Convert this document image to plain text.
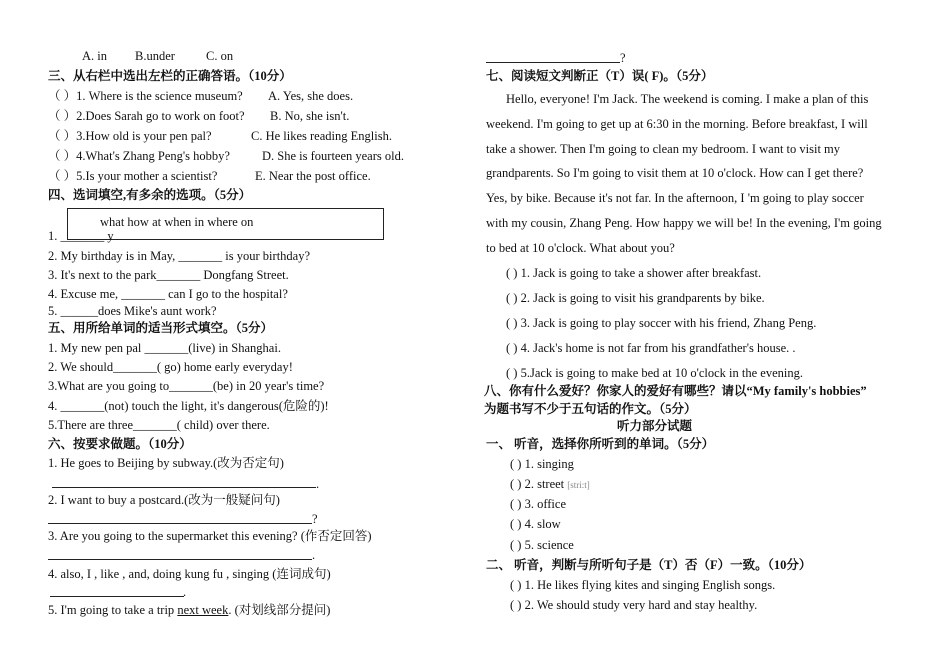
A. in B.under C. on
三、从右栏中选出左栏的正确答语。（10分）
（ ）1. Where is the science museum? A. Yes, she does.
（ ）2.Does Sarah go to work on foot? B. No, she isn't.
（ ）3.How old is your pen pal?	C. He likes reading English.
（ ）4.What's Zhang Peng's hobby?	D. She is fourteen years old.
（ ）5.Is your mother a scientist?	E. Near the post office.
四、选词填空,有多余的选项。（5分）
what how at when in where on
1. _______ y
2. My birthday is in May, _______ is your birthday?
3. It's next to the park_______ Dongfang Street.
4. Excuse me, _______ can I go to the hospital?
5. ______does Mike's aunt work?
五、用所给单词的适当形式填空。（5分）
1. My new pen pal _______(live) in Shanghai.
2. We should_______( go) home early everyday!
3.What are you going to_______(be) in 20 year's time?
4. _______(not) touch the light, it's dangerous(危险的)!
5.There are three_______( child) over there.
六、按要求做题。（10分）
1. He goes to Beijing by subway.(改为否定句)
.
2. I want to buy a postcard.(改为一般疑问句)
?
3. Are you going to the supermarket this evening? (作否定回答)
.
4. also, I , like , and, doing kung fu , singing (连词成句)
.
5. I'm going to take a trip next week. (对划线部分提问)
?
七、阅读短文判断正（T）误( F)。（5分）
Hello, everyone! I'm Jack. The weekend is coming. I make a plan of this
weekend. I'm going to get up at 6:30 in the morning. Before breakfast, I will
take a shower. Then I'm going to clean my bedroom. I want to visit my
grandparents. So I'm going to visit them at 10 o'clock. How can I get there?
Yes, by bike. Because it's not far. In the afternoon, I 'm going to play soccer
with my cousin, Zhang Peng. How happy we will be! In the evening, I'm going
to bed at 10 o'clock. What about you?
( ) 1. Jack is going to take a shower after breakfast.
( ) 2. Jack is going to visit his grandparents by bike.
( ) 3. Jack is going to play soccer with his friend, Zhang Peng.
( ) 4. Jack's home is not far from his grandfather's house. .
( ) 5.Jack is going to make bed at 10 o'clock in the evening.
八、你有什么爱好？你家人的爱好有哪些？请以“My family's hobbies”
为题书写不少于五句话的作文。（5分）
听力部分试题
一、 听音，选择你所听到的单词。（5分）
( ) 1. singing
( ) 2. street [stri:t]
( ) 3. office
( ) 4. slow
( ) 5. science
二、 听音，判断与所听句子是（T）否（F）一致。（10分）
( ) 1. He likes flying kites and singing English songs.
( ) 2. We should study very hard and stay healthy.
